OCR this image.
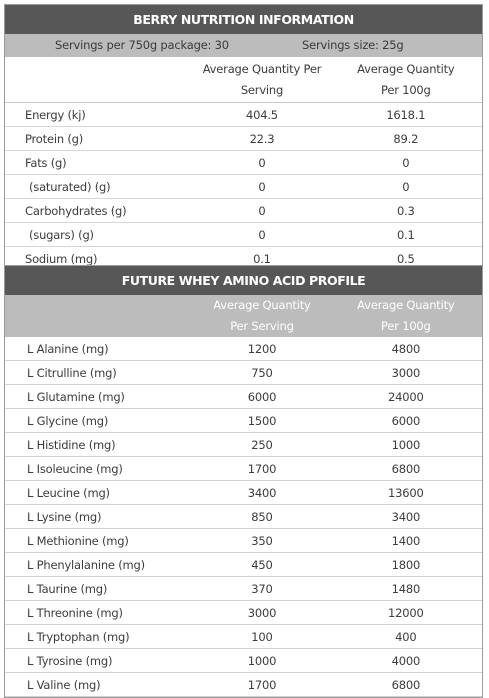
BERRY NUTRITION INFORMATION
Servings per 750g package: 30	Servings size: 25g
Average Quantity Per
Serving
Average Quantity
Per 100g
Energy (kj)	404.5	1618.1
Protein (g)	22.3	89.2
Fats (g)	0	0
(saturated) (g)	0	0
Carbohydrates (g)	0	0.3
(sugars) (g)	0	0.1
Sodium (mg)	0.1	0.5
FUTURE WHEY AMINO ACID PROFILE
Average Quantity
Per Serving
Average Quantity
Per 100g
L Alanine (mg)	1200	4800
L Citrulline (mg)	750	3000
L Glutamine (mg)	6000	24000
L Glycine (mg)	1500	6000
L Histidine (mg)	250	1000
L Isoleucine (mg)	1700	6800
L Leucine (mg)	3400	13600
L Lysine (mg)	850	3400
L Methionine (mg)	350	1400
L Phenylalanine (mg)	450	1800
L Taurine (mg)	370	1480
L Threonine (mg)	3000	12000
L Tryptophan (mg)	100	400
L Tyrosine (mg)	1000	4000
L Valine (mg)	1700	6800
